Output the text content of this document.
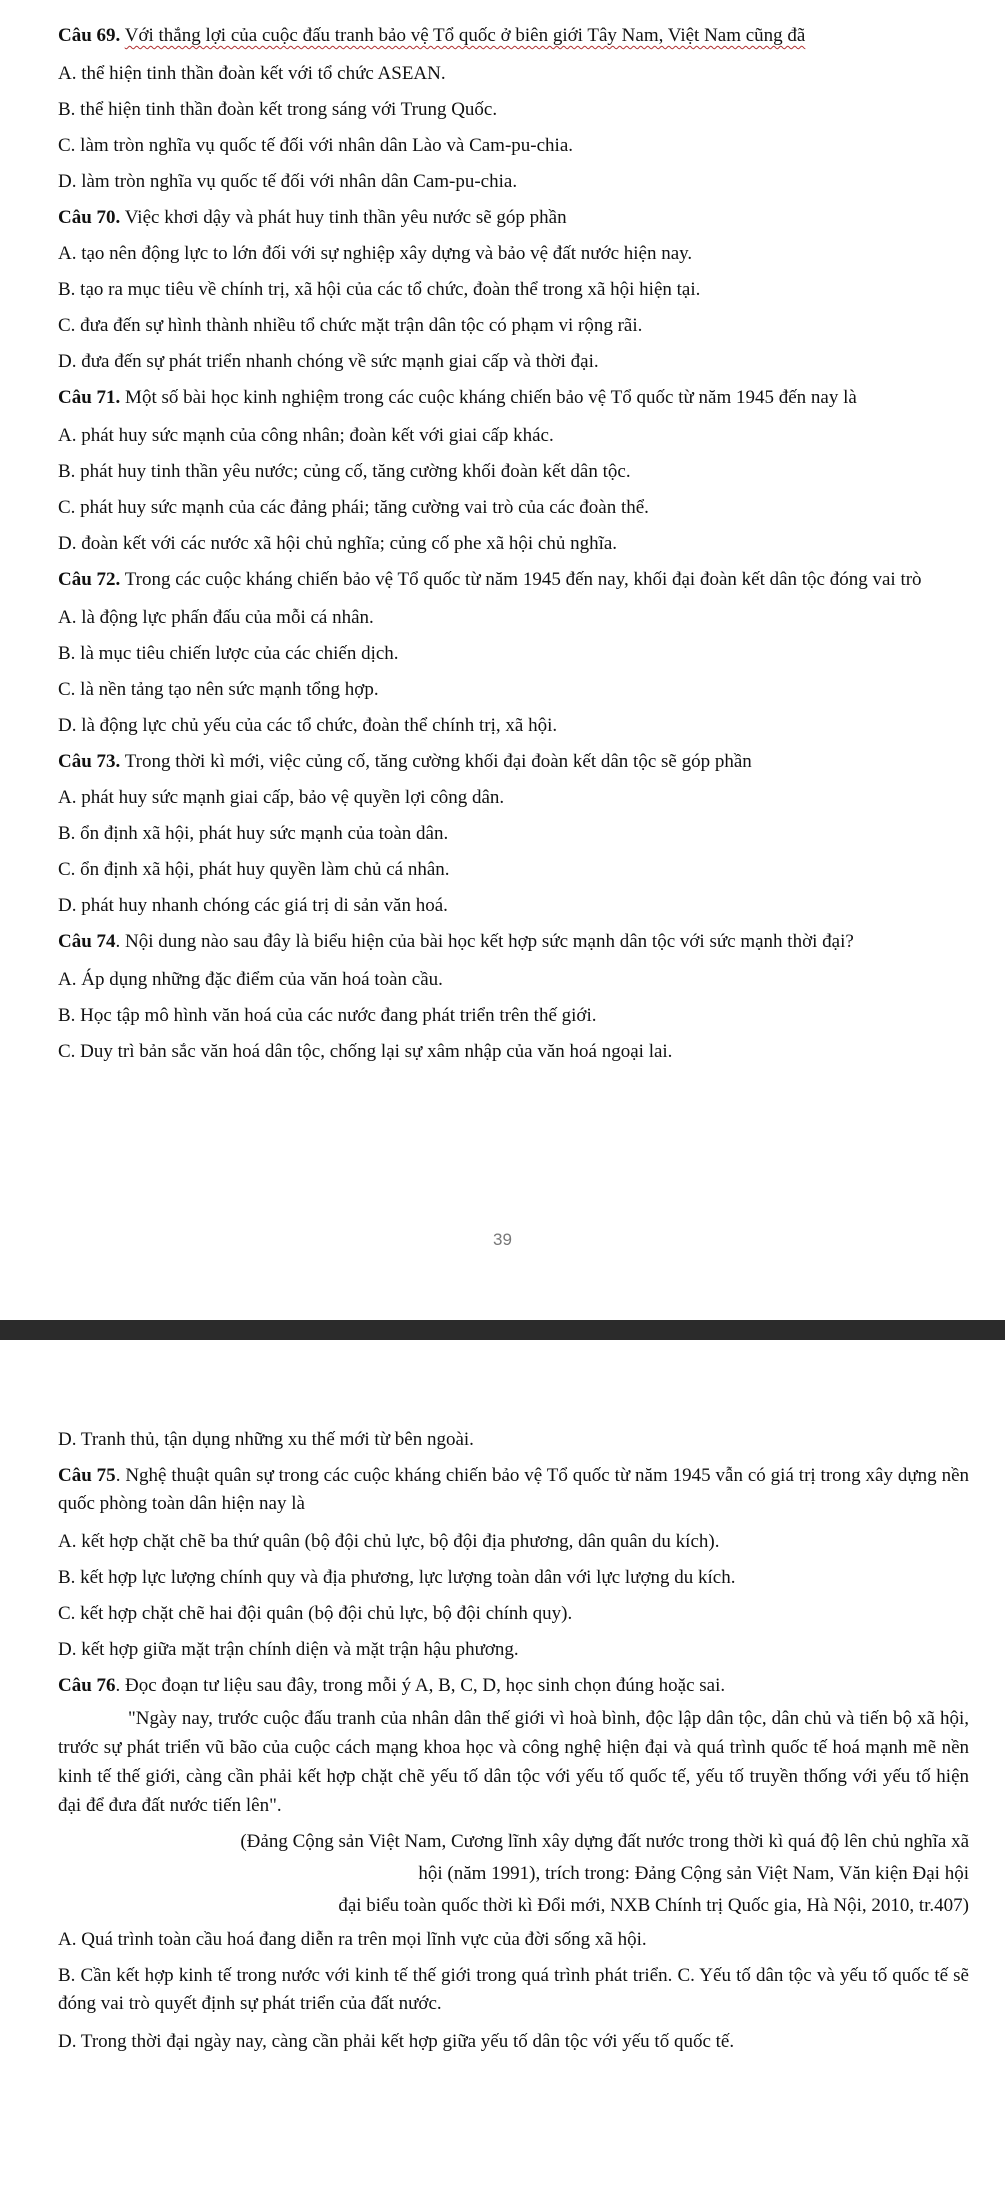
Câu 69. Với thắng lợi của cuộc đấu tranh bảo vệ Tổ quốc ở biên giới Tây Nam, Việt Nam cũng đã

A. thể hiện tinh thần đoàn kết với tổ chức ASEAN.

B. thể hiện tinh thần đoàn kết trong sáng với Trung Quốc.

C. làm tròn nghĩa vụ quốc tế đối với nhân dân Lào và Cam-pu-chia.

D. làm tròn nghĩa vụ quốc tế đối với nhân dân Cam-pu-chia.

Câu 70. Việc khơi dậy và phát huy tinh thần yêu nước sẽ góp phần

A. tạo nên động lực to lớn đối với sự nghiệp xây dựng và bảo vệ đất nước hiện nay.

B. tạo ra mục tiêu về chính trị, xã hội của các tổ chức, đoàn thể trong xã hội hiện tại.

C. đưa đến sự hình thành nhiều tổ chức mặt trận dân tộc có phạm vi rộng rãi.

D. đưa đến sự phát triển nhanh chóng về sức mạnh giai cấp và thời đại.

Câu 71. Một số bài học kinh nghiệm trong các cuộc kháng chiến bảo vệ Tổ quốc từ năm 1945 đến nay là

A. phát huy sức mạnh của công nhân; đoàn kết với giai cấp khác.

B. phát huy tinh thần yêu nước; củng cố, tăng cường khối đoàn kết dân tộc.

C. phát huy sức mạnh của các đảng phái; tăng cường vai trò của các đoàn thể.

D. đoàn kết với các nước xã hội chủ nghĩa; củng cố phe xã hội chủ nghĩa.

Câu 72. Trong các cuộc kháng chiến bảo vệ Tổ quốc từ năm 1945 đến nay, khối đại đoàn kết dân tộc đóng vai trò

A. là động lực phấn đấu của mỗi cá nhân.

B. là mục tiêu chiến lược của các chiến dịch.

C. là nền tảng tạo nên sức mạnh tổng hợp.

D. là động lực chủ yếu của các tổ chức, đoàn thể chính trị, xã hội.

Câu 73. Trong thời kì mới, việc củng cố, tăng cường khối đại đoàn kết dân tộc sẽ góp phần

A. phát huy sức mạnh giai cấp, bảo vệ quyền lợi công dân.

B. ổn định xã hội, phát huy sức mạnh của toàn dân.

C. ổn định xã hội, phát huy quyền làm chủ cá nhân.

D. phát huy nhanh chóng các giá trị di sản văn hoá.

Câu 74. Nội dung nào sau đây là biểu hiện của bài học kết hợp sức mạnh dân tộc với sức mạnh thời đại?

A. Áp dụng những đặc điểm của văn hoá toàn cầu.

B. Học tập mô hình văn hoá của các nước đang phát triển trên thế giới.

C. Duy trì bản sắc văn hoá dân tộc, chống lại sự xâm nhập của văn hoá ngoại lai.

39

D. Tranh thủ, tận dụng những xu thế mới từ bên ngoài.

Câu 75. Nghệ thuật quân sự trong các cuộc kháng chiến bảo vệ Tổ quốc từ năm 1945 vẫn có giá trị trong xây dựng nền quốc phòng toàn dân hiện nay là

A. kết hợp chặt chẽ ba thứ quân (bộ đội chủ lực, bộ đội địa phương, dân quân du kích).

B. kết hợp lực lượng chính quy và địa phương, lực lượng toàn dân với lực lượng du kích.

C. kết hợp chặt chẽ hai đội quân (bộ đội chủ lực, bộ đội chính quy).

D. kết hợp giữa mặt trận chính diện và mặt trận hậu phương.

Câu 76. Đọc đoạn tư liệu sau đây, trong mỗi ý A, B, C, D, học sinh chọn đúng hoặc sai.

"Ngày nay, trước cuộc đấu tranh của nhân dân thế giới vì hoà bình, độc lập dân tộc, dân chủ và tiến bộ xã hội, trước sự phát triển vũ bão của cuộc cách mạng khoa học và công nghệ hiện đại và quá trình quốc tế hoá mạnh mẽ nền kinh tế thế giới, càng cần phải kết hợp chặt chẽ yếu tố dân tộc với yếu tố quốc tế, yếu tố truyền thống với yếu tố hiện đại để đưa đất nước tiến lên".

(Đảng Cộng sản Việt Nam, Cương lĩnh xây dựng đất nước trong thời kì quá độ lên chủ nghĩa xã

hội (năm 1991), trích trong: Đảng Cộng sản Việt Nam, Văn kiện Đại hội

đại biểu toàn quốc thời kì Đổi mới, NXB Chính trị Quốc gia, Hà Nội, 2010, tr.407)

A. Quá trình toàn cầu hoá đang diễn ra trên mọi lĩnh vực của đời sống xã hội.

B. Cần kết hợp kinh tế trong nước với kinh tế thế giới trong quá trình phát triển. C. Yếu tố dân tộc và yếu tố quốc tế sẽ đóng vai trò quyết định sự phát triển của đất nước.

D. Trong thời đại ngày nay, càng cần phải kết hợp giữa yếu tố dân tộc với yếu tố quốc tế.
